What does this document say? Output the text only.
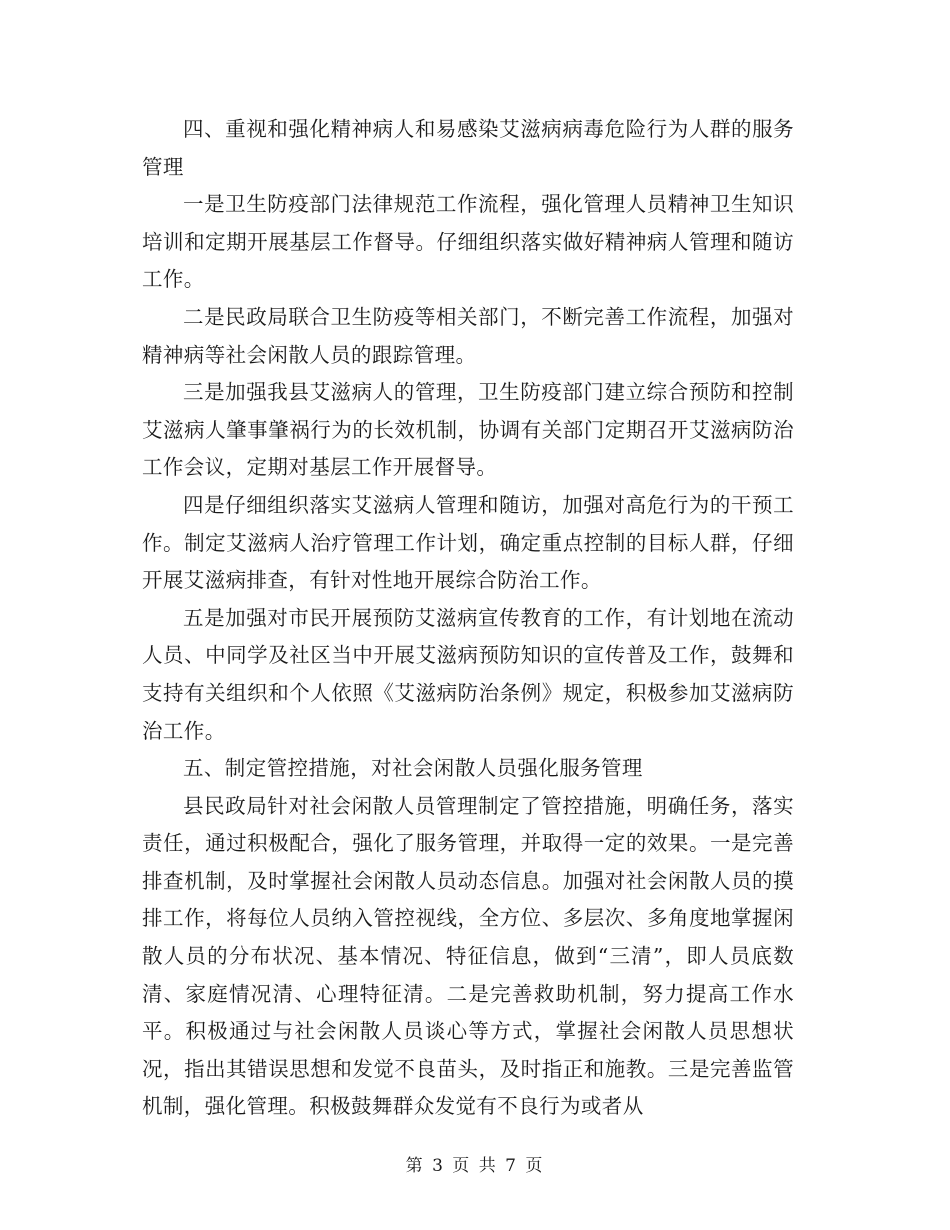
四、重视和强化精神病人和易感染艾滋病病毒危险行为人群的服务管理

一是卫生防疫部门法律规范工作流程，强化管理人员精神卫生知识培训和定期开展基层工作督导。仔细组织落实做好精神病人管理和随访工作。

二是民政局联合卫生防疫等相关部门，不断完善工作流程，加强对精神病等社会闲散人员的跟踪管理。

三是加强我县艾滋病人的管理，卫生防疫部门建立综合预防和控制艾滋病人肇事肇祸行为的长效机制，协调有关部门定期召开艾滋病防治工作会议，定期对基层工作开展督导。

四是仔细组织落实艾滋病人管理和随访，加强对高危行为的干预工作。制定艾滋病人治疗管理工作计划，确定重点控制的目标人群，仔细开展艾滋病排查，有针对性地开展综合防治工作。

五是加强对市民开展预防艾滋病宣传教育的工作，有计划地在流动人员、中同学及社区当中开展艾滋病预防知识的宣传普及工作，鼓舞和支持有关组织和个人依照《艾滋病防治条例》规定，积极参加艾滋病防治工作。

五、制定管控措施，对社会闲散人员强化服务管理

县民政局针对社会闲散人员管理制定了管控措施，明确任务，落实责任，通过积极配合，强化了服务管理，并取得一定的效果。一是完善排查机制，及时掌握社会闲散人员动态信息。加强对社会闲散人员的摸排工作，将每位人员纳入管控视线，全方位、多层次、多角度地掌握闲散人员的分布状况、基本情况、特征信息，做到“三清”，即人员底数清、家庭情况清、心理特征清。二是完善救助机制，努力提高工作水平。积极通过与社会闲散人员谈心等方式，掌握社会闲散人员思想状况，指出其错误思想和发觉不良苗头，及时指正和施教。三是完善监管机制，强化管理。积极鼓舞群众发觉有不良行为或者从

第 3 页 共 7 页
